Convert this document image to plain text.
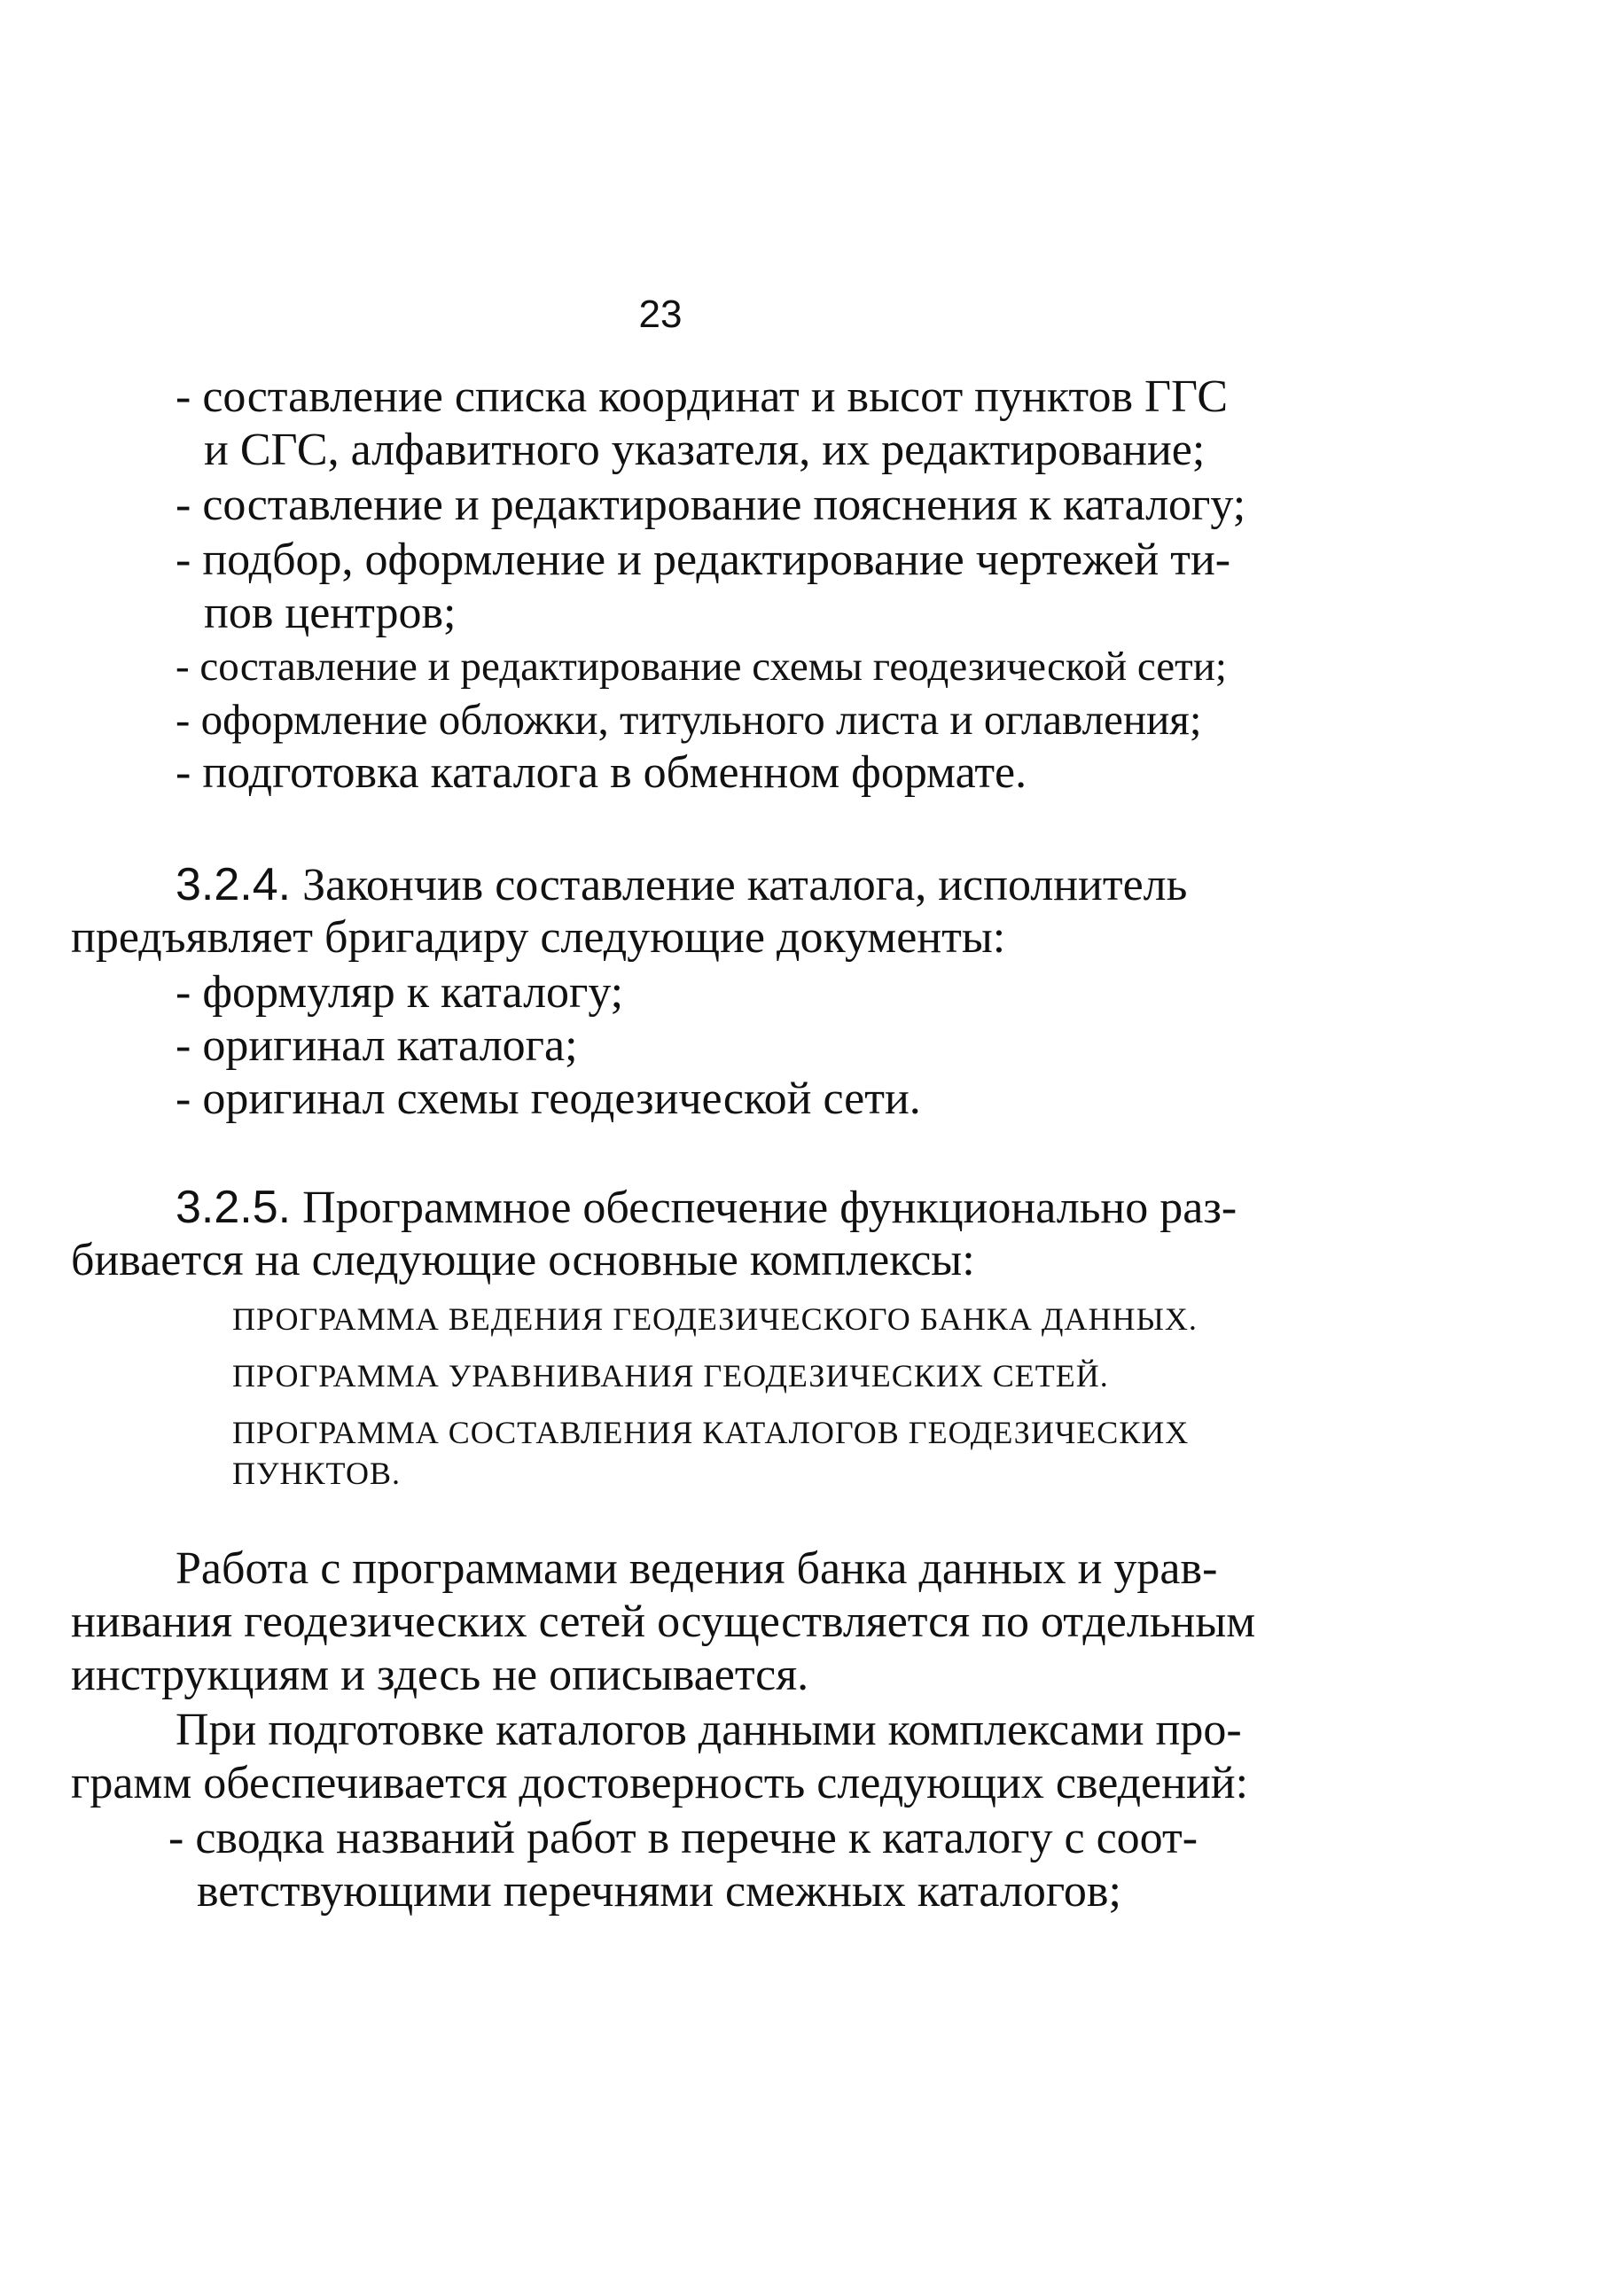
23
- составление списка координат и высот пунктов ГГС
и СГС, алфавитного указателя, их редактирование;
- составление и редактирование пояснения к каталогу;
- подбор, оформление и редактирование чертежей ти-
пов центров;
- составление и редактирование схемы геодезической сети;
- оформление обложки, титульного листа и оглавления;
- подготовка каталога в обменном формате.
3.2.4. Закончив составление каталога, исполнитель
предъявляет бригадиру следующие документы:
- формуляр к каталогу;
- оригинал каталога;
- оригинал схемы геодезической сети.
3.2.5. Программное обеспечение функционально раз-
бивается на следующие основные комплексы:
ПРОГРАММА ВЕДЕНИЯ ГЕОДЕЗИЧЕСКОГО БАНКА ДАННЫХ.
ПРОГРАММА УРАВНИВАНИЯ ГЕОДЕЗИЧЕСКИХ СЕТЕЙ.
ПРОГРАММА СОСТАВЛЕНИЯ КАТАЛОГОВ ГЕОДЕЗИЧЕСКИХ
ПУНКТОВ.
Работа с программами ведения банка данных и урав-
нивания геодезических сетей осуществляется по отдельным
инструкциям и здесь не описывается.
При подготовке каталогов данными комплексами про-
грамм обеспечивается достоверность следующих сведений:
- сводка названий работ в перечне к каталогу с соот-
ветствующими перечнями смежных каталогов;
